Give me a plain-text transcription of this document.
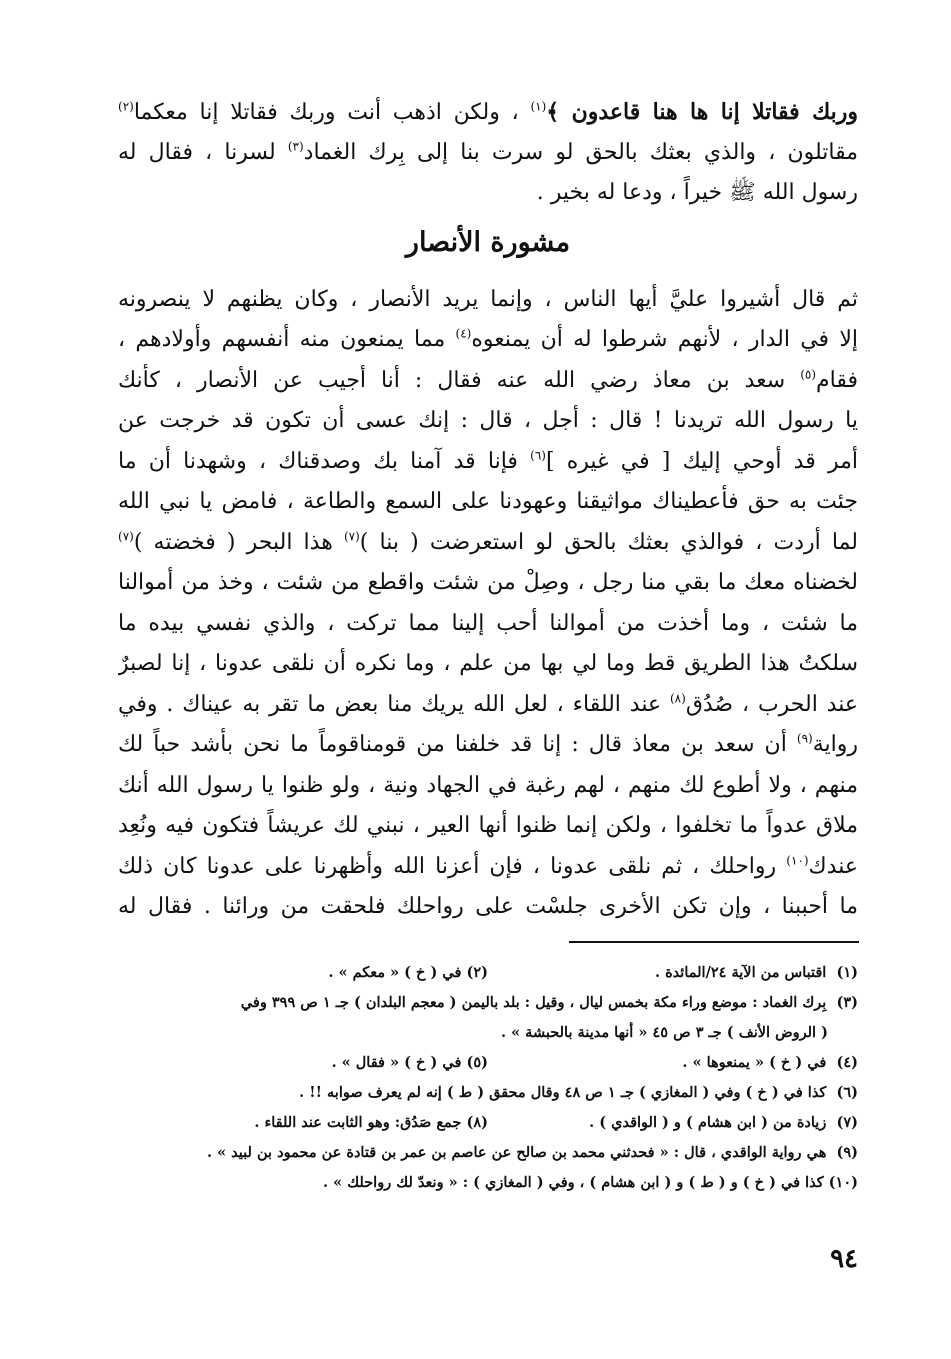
وربك فقاتلا إنا ها هنا قاعدون ﴾$^{(١)}$ ، ولكن اذهب أنت وربك فقاتلا إنا معكما$^{(٢)}$
مقاتلون ، والذي بعثك بالحق لو سرت بنا إلى بِرك الغماد$^{(٣)}$ لسرنا ، فقال له
رسول الله ﷺ خيراً ، ودعا له بخير .
مشورة الأنصار
ثم قال أشيروا عليَّ أيها الناس ، وإنما يريد الأنصار ، وكان يظنهم لا ينصرونه
إلا في الدار ، لأنهم شرطوا له أن يمنعوه$^{(٤)}$ مما يمنعون منه أنفسهم وأولادهم ،
فقام$^{(٥)}$ سعد بن معاذ رضي الله عنه فقال : أنا أجيب عن الأنصار ، كأنك
يا رسول الله تريدنا ! قال : أجل ، قال : إنك عسى أن تكون قد خرجت عن
أمر قد أوحي إليك [ في غيره ]$^{(٦)}$ فإنا قد آمنا بك وصدقناك ، وشهدنا أن ما
جئت به حق فأعطيناك مواثيقنا وعهودنا على السمع والطاعة ، فامض يا نبي الله
لما أردت ، فوالذي بعثك بالحق لو استعرضت ( بنا )$^{(٧)}$ هذا البحر ( فخضته )$^{(٧)}$
لخضناه معك ما بقي منا رجل ، وصِلْ من شئت واقطع من شئت ، وخذ من أموالنا
ما شئت ، وما أخذت من أموالنا أحب إلينا مما تركت ، والذي نفسي بيده ما
سلكتُ هذا الطريق قط وما لي بها من علم ، وما نكره أن نلقى عدونا ، إنا لصبرٌ
عند الحرب ، صُدُق$^{(٨)}$ عند اللقاء ، لعل الله يريك منا بعض ما تقر به عيناك . وفي
رواية$^{(٩)}$ أن سعد بن معاذ قال : إنا قد خلفنا من قومناقوماً ما نحن بأشد حباً لك
منهم ، ولا أطوع لك منهم ، لهم رغبة في الجهاد ونية ، ولو ظنوا يا رسول الله أنك
ملاق عدواً ما تخلفوا ، ولكن إنما ظنوا أنها العير ، نبني لك عريشاً فتكون فيه ونُعِد
عندك$^{(١٠)}$ رواحلك ، ثم نلقى عدونا ، فإن أعزنا الله وأظهرنا على عدونا كان ذلك
ما أحببنا ، وإن تكن الأخرى جلسْت على رواحلك فلحقت من ورائنا . فقال له
(١)  اقتباس من الآية ٢٤/المائدة .
(٢) في ( خ ) « معكم » .
(٣)  بِرك الغماد : موضع وراء مكة بخمس ليال ، وقيل : بلد باليمن ( معجم البلدان ) جـ ١ ص ٣٩٩ وفي
( الروض الأنف ) جـ ٣ ص ٤٥ « أنها مدينة بالحبشة » .
(٤)  في ( خ ) « يمنعوها » .
(٥) في ( خ ) « فقال » .
(٦)  كذا في ( خ ) وفي ( المغازي ) جـ ١ ص ٤٨ وقال محقق ( ط ) إنه لم يعرف صوابه !! .
(٧)  زيادة من ( ابن هشام ) و ( الواقدي ) .
(٨) جمع صَدُق: وهو الثابت عند اللقاء .
(٩)  هي رواية الواقدي ، قال : « فحدثني محمد بن صالح عن عاصم بن عمر بن قتادة عن محمود بن لبيد » .
(١٠) كذا في ( خ ) و ( ط ) و ( ابن هشام ) ، وفي ( المغازي ) : « ونعدّ لك رواحلك » .
٩٤
